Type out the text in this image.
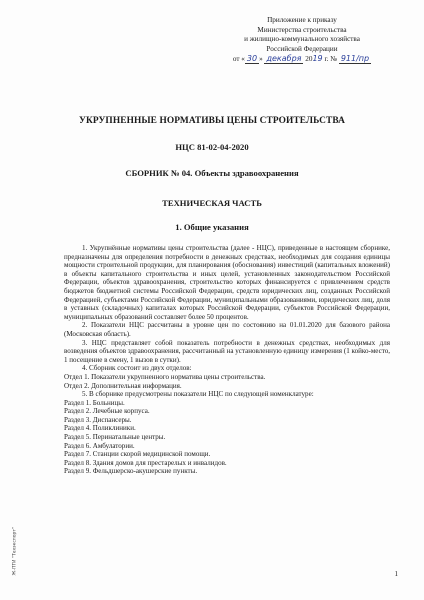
Приложение к приказу
Министерства строительства
и жилищно-коммунального хозяйства
Российской Федерации
от « 30 » декабря 2019 г. № 911/пр
УКРУПНЕННЫЕ НОРМАТИВЫ ЦЕНЫ СТРОИТЕЛЬСТВА
НЦС 81-02-04-2020
СБОРНИК № 04. Объекты здравоохранения
ТЕХНИЧЕСКАЯ ЧАСТЬ
1. Общие указания

1. Укрупнённые нормативы цены строительства (далее - НЦС), приведенные в настоящем сборнике, предназначены для определения потребности в денежных средствах, необходимых для создания единицы мощности строительной продукции, для планирования (обоснования) инвестиций (капитальных вложений) в объекты капитального строительства и иных целей, установленных законодательством Российской Федерации, объектов здравоохранения, строительство которых финансируется с привлечением средств бюджетов бюджетной системы Российской Федерации, средств юридических лиц, созданных Российской Федерацией, субъектами Российской Федерации, муниципальными образованиями, юридических лиц, доля в уставных (складочных) капиталах которых Российской Федерации, субъектов Российской Федерации, муниципальных образований составляет более 50 процентов.

2. Показатели НЦС рассчитаны в уровне цен по состоянию на 01.01.2020 для базового района (Московская область).

3. НЦС представляет собой показатель потребности в денежных средствах, необходимых для возведения объектов здравоохранения, рассчитанный на установленную единицу измерения (1 койко-место, 1 посещение в смену, 1 вызов в сутки).

4. Сборник состоит из двух отделов:
Отдел 1. Показатели укрупненного норматива цены строительства.
Отдел 2. Дополнительная информация.
5. В сборнике предусмотрены показатели НЦС по следующей номенклатуре:
Раздел 1. Больницы.
Раздел 2. Лечебные корпуса.
Раздел 3. Диспансеры.
Раздел 4. Поликлиники.
Раздел 5. Перинатальные центры.
Раздел 6. Амбулатории.
Раздел 7. Станции скорой медицинской помощи.
Раздел 8. Здания домов для престарелых и инвалидов.
Раздел 9. Фельдшерско-акушерские пункты.
Ж-ПТИ "Техэкспорт"	1
